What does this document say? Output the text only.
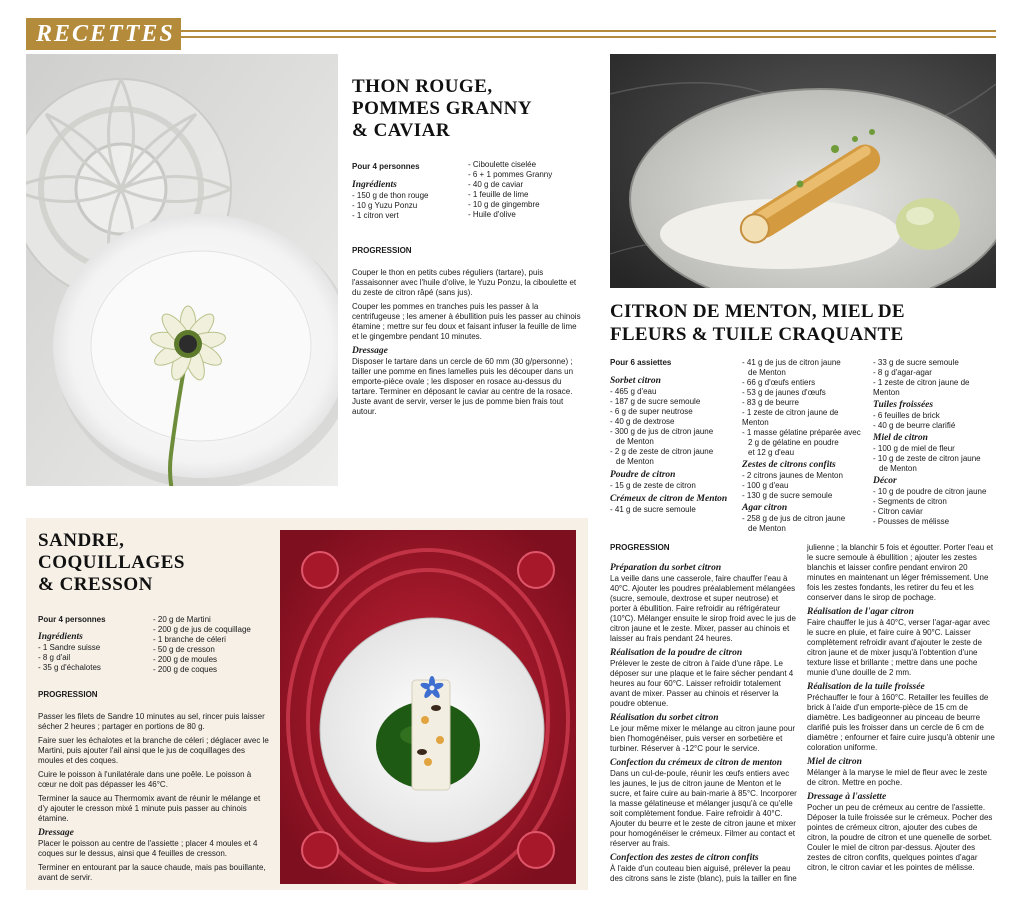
RECETTES
THON ROUGE,
POMMES GRANNY
& CAVIAR
Pour 4 personnes
Ingrédients
- 150 g de thon rouge
- 10 g Yuzu Ponzu
- 1 citron vert
- Ciboulette ciselée
- 6 + 1 pommes Granny
- 40 g de caviar
- 1 feuille de lime
- 10 g de gingembre
- Huile d'olive
PROGRESSION

Couper le thon en petits cubes réguliers (tartare), puis l'assaisonner avec l'huile d'olive, le Yuzu Ponzu, la ciboulette et du zeste de citron râpé (sans jus).

Couper les pommes en tranches puis les passer à la centrifugeuse ; les amener à ébullition puis les passer au chinois étamine ; mettre sur feu doux et faisant infuser la feuille de lime et le gingembre pendant 10 minutes.

Dressage

Disposer le tartare dans un cercle de 60 mm (30 g/personne) ; tailler une pomme en fines lamelles puis les découper dans un emporte-pièce ovale ; les disposer en rosace au-dessus du tartare. Terminer en déposant le caviar au centre de la rosace. Juste avant de servir, verser le jus de pomme bien frais tout autour.

CITRON DE MENTON, MIEL DE
FLEURS & TUILE CRAQUANTE
Pour 6 assiettes
Sorbet citron
- 465 g d'eau
- 187 g de sucre semoule
- 6 g de super neutrose
- 40 g de dextrose
- 300 g de jus de citron jaune
de Menton
- 2 g de zeste de citron jaune
de Menton
Poudre de citron
- 15 g de zeste de citron
Crémeux de citron de Menton
- 41 g de sucre semoule
- 41 g de jus de citron jaune
de Menton
- 66 g d'œufs entiers
- 53 g de jaunes d'œufs
- 83 g de beurre
- 1 zeste de citron jaune de Menton
- 1 masse gélatine préparée avec
2 g de gélatine en poudre
et 12 g d'eau
Zestes de citrons confits
- 2 citrons jaunes de Menton
- 100 g d'eau
- 130 g de sucre semoule
Agar citron
- 258 g de jus de citron jaune
de Menton
- 33 g de sucre semoule
- 8 g d'agar-agar
- 1 zeste de citron jaune de Menton
Tuiles froissées
- 6 feuilles de brick
- 40 g de beurre clarifié
Miel de citron
- 100 g de miel de fleur
- 10 g de zeste de citron jaune
de Menton
Décor
- 10 g de poudre de citron jaune
- Segments de citron
- Citron caviar
- Pousses de mélisse
PROGRESSION
Préparation du sorbet citron

La veille dans une casserole, faire chauffer l'eau à 40°C. Ajouter les poudres préalablement mélangées (sucre, semoule, dextrose et super neutrose) et porter à ébullition. Faire refroidir au réfrigérateur (10°C). Mélanger ensuite le sirop froid avec le jus de citron jaune et le zeste. Mixer, passer au chinois et laisser au frais pendant 24 heures.

Réalisation de la poudre de citron

Prélever le zeste de citron à l'aide d'une râpe. Le déposer sur une plaque et le faire sécher pendant 4 heures au four 60°C. Laisser refroidir totalement avant de mixer. Passer au chinois et réserver la poudre obtenue.

Réalisation du sorbet citron

Le jour même mixer le mélange au citron jaune pour bien l'homogénéiser, puis verser en sorbetière et turbiner. Réserver à -12°C pour le service.

Confection du crémeux de citron de menton

Dans un cul-de-poule, réunir les œufs entiers avec les jaunes, le jus de citron jaune de Menton et le sucre, et faire cuire au bain-marie à 85°C. Incorporer la masse gélatineuse et mélanger jusqu'à ce qu'elle soit complètement fondue. Faire refroidir à 40°C. Ajouter du beurre et le zeste de citron jaune et mixer pour homogénéiser le crémeux. Filmer au contact et réserver au frais.

Confection des zestes de citron confits

À l'aide d'un couteau bien aiguisé, prélever la peau des citrons sans le ziste (blanc), puis la tailler en fine

julienne ; la blanchir 5 fois et égoutter. Porter l'eau et le sucre semoule à ébullition ; ajouter les zestes blanchis et laisser confire pendant environ 20 minutes en maintenant un léger frémissement. Une fois les zestes fondants, les retirer du feu et les conserver dans le sirop de pochage.

Réalisation de l'agar citron

Faire chauffer le jus à 40°C, verser l'agar-agar avec le sucre en pluie, et faire cuire à 90°C. Laisser complètement refroidir avant d'ajouter le zeste de citron jaune et de mixer jusqu'à l'obtention d'une texture lisse et brillante ; mettre dans une poche munie d'une douille de 2 mm.

Réalisation de la tuile froissée

Préchauffer le four à 160°C. Retailler les feuilles de brick à l'aide d'un emporte-pièce de 15 cm de diamètre. Les badigeonner au pinceau de beurre clarifié puis les froisser dans un cercle de 6 cm de diamètre ; enfourner et faire cuire jusqu'à obtenir une coloration uniforme.

Miel de citron

Mélanger à la maryse le miel de fleur avec le zeste de citron. Mettre en poche.

Dressage à l'assiette

Pocher un peu de crémeux au centre de l'assiette. Déposer la tuile froissée sur le crémeux. Pocher des pointes de crémeux citron, ajouter des cubes de citron, la poudre de citron et une quenelle de sorbet. Couler le miel de citron par-dessus. Ajouter des zestes de citron confits, quelques pointes d'agar citron, le citron caviar et les pointes de mélisse.

SANDRE,
COQUILLAGES
& CRESSON
Pour 4 personnes
Ingrédients
- 1 Sandre suisse
- 8 g d'ail
- 35 g d'échalotes
- 20 g de Martini
- 200 g de jus de coquillage
- 1 branche de céleri
- 50 g de cresson
- 200 g de moules
- 200 g de coques
PROGRESSION

Passer les filets de Sandre 10 minutes au sel, rincer puis laisser sécher 2 heures ; partager en portions de 80 g.

Faire suer les échalotes et la branche de céleri ; déglacer avec le Martini, puis ajouter l'ail ainsi que le jus de coquillages des moules et des coques.

Cuire le poisson à l'unilatérale dans une poêle. Le poisson à cœur ne doit pas dépasser les 46°C.

Terminer la sauce au Thermomix avant de réunir le mélange et d'y ajouter le cresson mixé 1 minute puis passer au chinois étamine.

Dressage

Placer le poisson au centre de l'assiette ; placer 4 moules et 4 coques sur le dessus, ainsi que 4 feuilles de cresson.

Terminer en entourant par la sauce chaude, mais pas bouillante, avant de servir.
